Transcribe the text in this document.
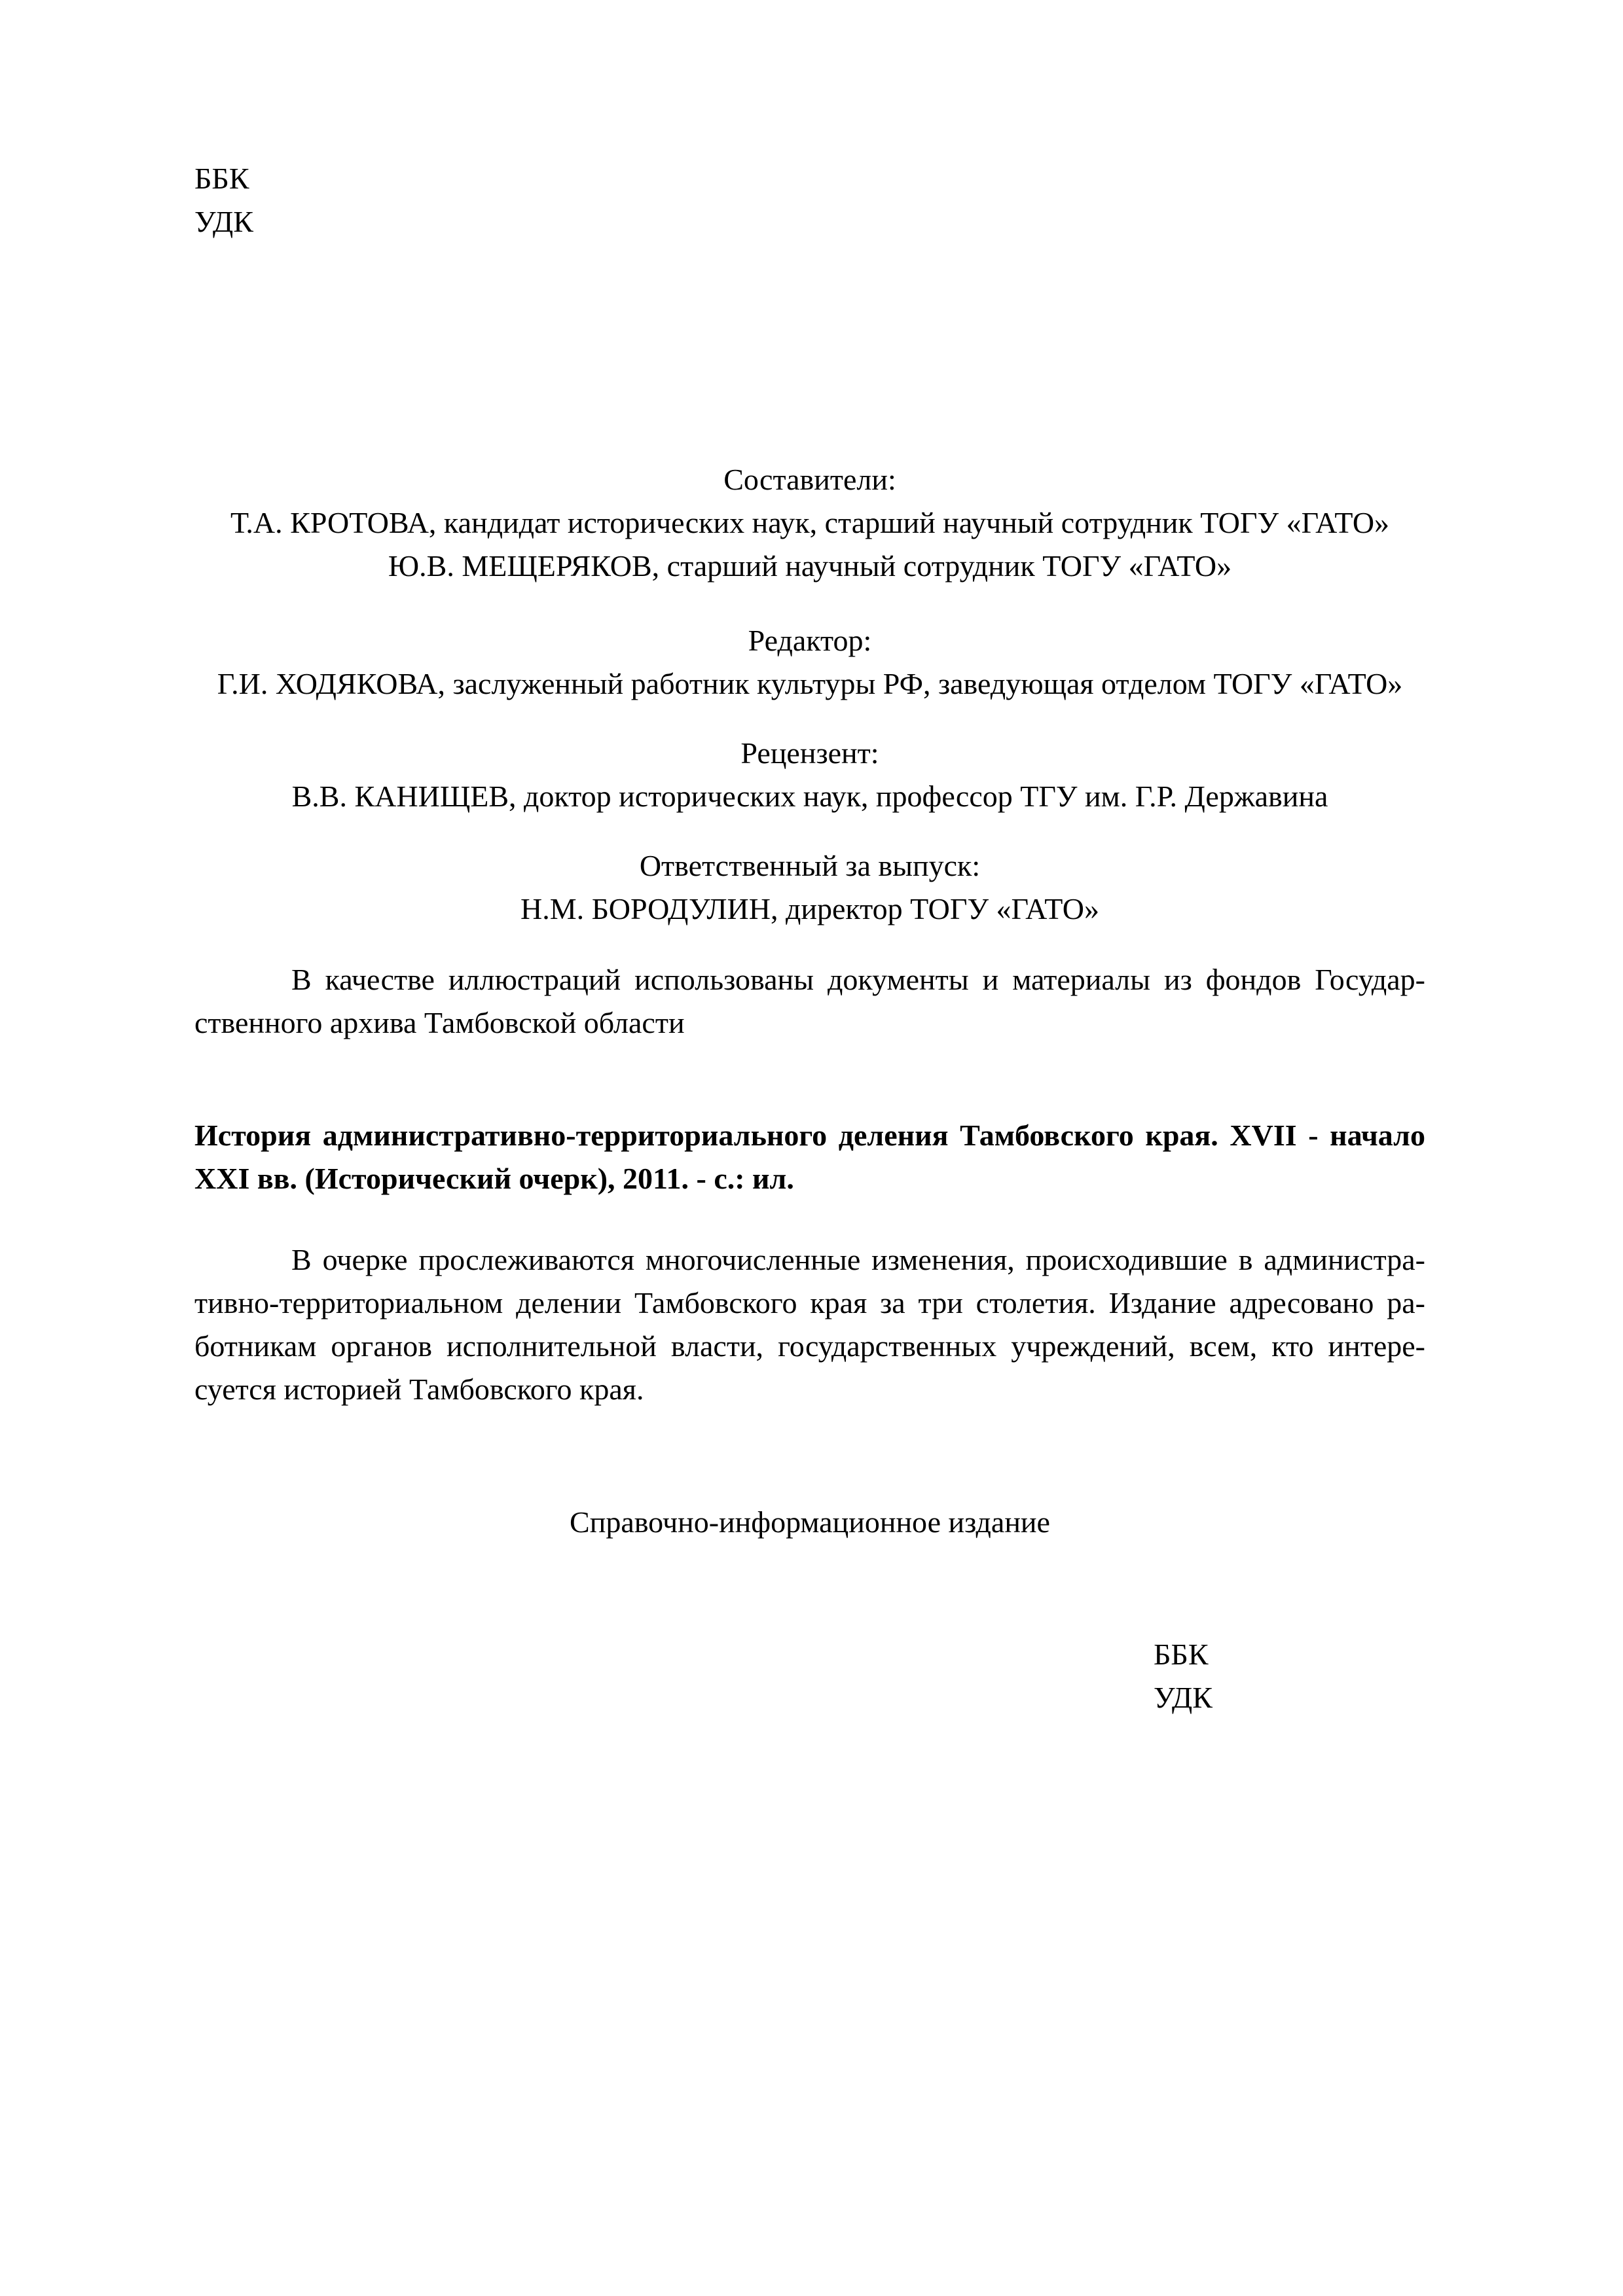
ББК
УДК
Составители:
Т.А. КРОТОВА, кандидат исторических наук, старший научный сотрудник ТОГУ «ГАТО»
Ю.В. МЕЩЕРЯКОВ, старший научный сотрудник ТОГУ «ГАТО»
Редактор:
Г.И. ХОДЯКОВА, заслуженный работник культуры РФ, заведующая отделом ТОГУ «ГАТО»
Рецензент:
В.В. КАНИЩЕВ, доктор исторических наук, профессор ТГУ им. Г.Р. Державина
Ответственный за выпуск:
Н.М. БОРОДУЛИН, директор ТОГУ «ГАТО»
В качестве иллюстраций использованы документы и материалы из фондов Государ-ственного архива Тамбовской области
История административно-территориального деления Тамбовского края. XVII - начало XXI вв. (Исторический очерк), 2011. - с.: ил.
В очерке прослеживаются многочисленные изменения, происходившие в администра-тивно-территориальном делении Тамбовского края за три столетия. Издание адресовано ра-ботникам органов исполнительной власти, государственных учреждений, всем, кто интере-суется историей Тамбовского края.
Справочно-информационное издание
ББК
УДК
